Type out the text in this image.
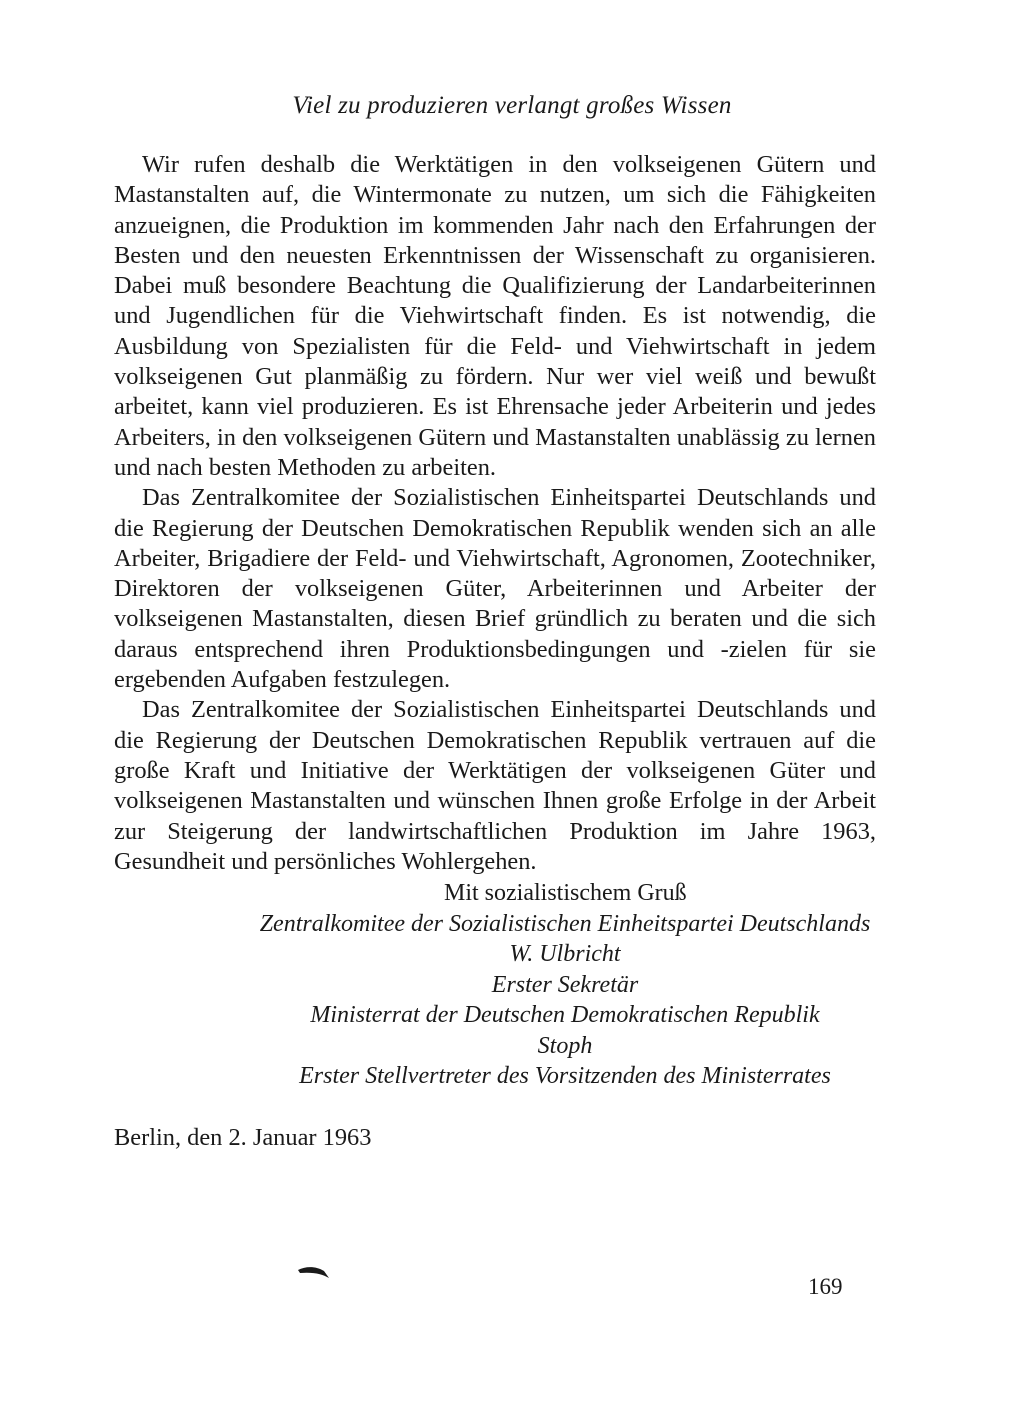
Viel zu produzieren verlangt großes Wissen

Wir rufen deshalb die Werktätigen in den volkseigenen Gütern und Mastanstalten auf, die Wintermonate zu nutzen, um sich die Fähigkeiten anzueignen, die Produktion im kommenden Jahr nach den Erfahrungen der Besten und den neuesten Erkenntnissen der Wissenschaft zu organisieren. Dabei muß besondere Beachtung die Qualifizierung der Landarbeiterinnen und Jugendlichen für die Viehwirtschaft finden. Es ist notwendig, die Ausbildung von Spezialisten für die Feld- und Viehwirtschaft in jedem volkseigenen Gut planmäßig zu fördern. Nur wer viel weiß und bewußt arbeitet, kann viel produzieren. Es ist Ehrensache jeder Arbeiterin und jedes Arbeiters, in den volkseigenen Gütern und Mastanstalten unablässig zu lernen und nach besten Methoden zu arbeiten.

Das Zentralkomitee der Sozialistischen Einheitspartei Deutschlands und die Regierung der Deutschen Demokratischen Republik wenden sich an alle Arbeiter, Brigadiere der Feld- und Viehwirtschaft, Agronomen, Zootechniker, Direktoren der volkseigenen Güter, Arbeiterinnen und Arbeiter der volkseigenen Mastanstalten, diesen Brief gründlich zu beraten und die sich daraus entsprechend ihren Produktionsbedingungen und -zielen für sie ergebenden Aufgaben festzulegen.

Das Zentralkomitee der Sozialistischen Einheitspartei Deutschlands und die Regierung der Deutschen Demokratischen Republik vertrauen auf die große Kraft und Initiative der Werktätigen der volkseigenen Güter und volkseigenen Mastanstalten und wünschen Ihnen große Erfolge in der Arbeit zur Steigerung der landwirtschaftlichen Produktion im Jahre 1963, Gesundheit und persönliches Wohlergehen.

Mit sozialistischem Gruß
Zentralkomitee der Sozialistischen Einheitspartei Deutschlands
W. Ulbricht
Erster Sekretär
Ministerrat der Deutschen Demokratischen Republik
Stoph
Erster Stellvertreter des Vorsitzenden des Ministerrates
Berlin, den 2. Januar 1963
169
